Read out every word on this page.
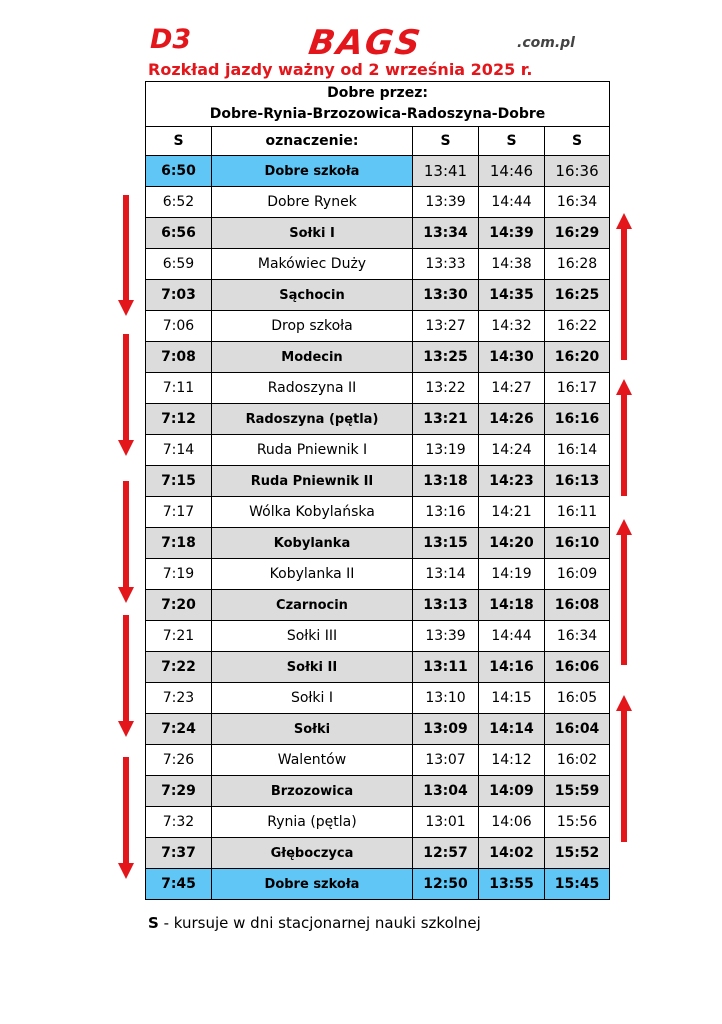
D3	BAGS	.com.pl
Rozkład jazdy ważny od 2 września 2025 r.
Dobre przez:
Dobre-Rynia-Brzozowica-Radoszyna-Dobre				

S	oznaczenie:	S	S	S
6:50	Dobre szkoła	13:41	14:46	16:36
6:52	Dobre Rynek	13:39	14:44	16:34
6:56	Sołki I	13:34	14:39	16:29
6:59	Makówiec Duży	13:33	14:38	16:28
7:03	Sąchocin	13:30	14:35	16:25
7:06	Drop szkoła	13:27	14:32	16:22
7:08	Modecin	13:25	14:30	16:20
7:11	Radoszyna II	13:22	14:27	16:17
7:12	Radoszyna (pętla)	13:21	14:26	16:16
7:14	Ruda Pniewnik I	13:19	14:24	16:14
7:15	Ruda Pniewnik II	13:18	14:23	16:13
7:17	Wólka Kobylańska	13:16	14:21	16:11
7:18	Kobylanka	13:15	14:20	16:10
7:19	Kobylanka II	13:14	14:19	16:09
7:20	Czarnocin	13:13	14:18	16:08
7:21	Sołki III	13:39	14:44	16:34
7:22	Sołki II	13:11	14:16	16:06
7:23	Sołki I	13:10	14:15	16:05
7:24	Sołki	13:09	14:14	16:04
7:26	Walentów	13:07	14:12	16:02
7:29	Brzozowica	13:04	14:09	15:59
7:32	Rynia (pętla)	13:01	14:06	15:56
7:37	Głęboczyca	12:57	14:02	15:52
7:45	Dobre szkoła	12:50	13:55	15:45
S - kursuje w dni stacjonarnej nauki szkolnej
